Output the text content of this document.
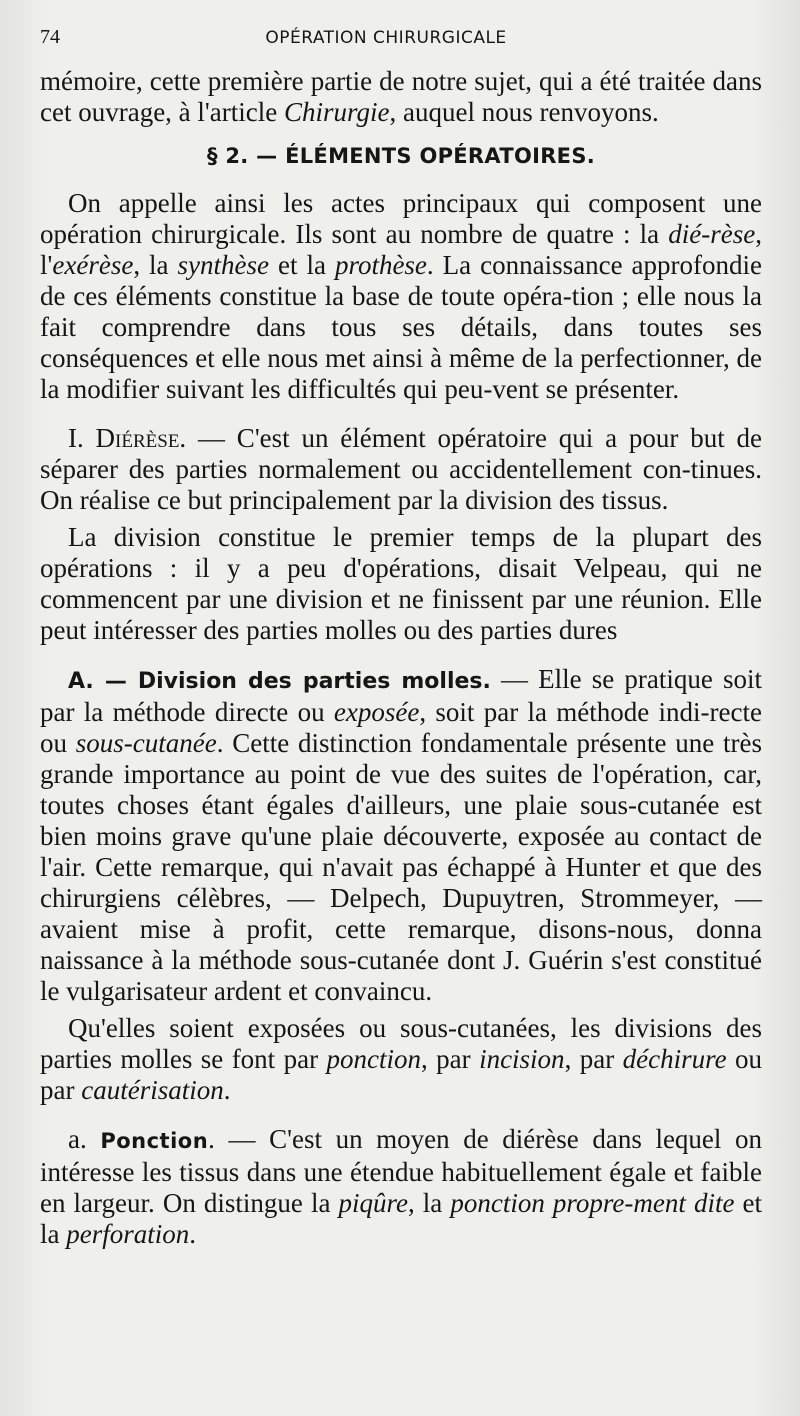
74	OPÉRATION CHIRURGICALE

mémoire, cette première partie de notre sujet, qui a été traitée dans cet ouvrage, à l'article Chirurgie, auquel nous renvoyons.

§ 2. — ÉLÉMENTS OPÉRATOIRES.

On appelle ainsi les actes principaux qui composent une opération chirurgicale. Ils sont au nombre de quatre : la dié-rèse, l'exérèse, la synthèse et la prothèse. La connaissance approfondie de ces éléments constitue la base de toute opéra-tion ; elle nous la fait comprendre dans tous ses détails, dans toutes ses conséquences et elle nous met ainsi à même de la perfectionner, de la modifier suivant les difficultés qui peu-vent se présenter.

I. Diérèse. — C'est un élément opératoire qui a pour but de séparer des parties normalement ou accidentellement con-tinues. On réalise ce but principalement par la division des tissus.

La division constitue le premier temps de la plupart des opérations : il y a peu d'opérations, disait Velpeau, qui ne commencent par une division et ne finissent par une réunion. Elle peut intéresser des parties molles ou des parties dures

A. — Division des parties molles. — Elle se pratique soit par la méthode directe ou exposée, soit par la méthode indi-recte ou sous-cutanée. Cette distinction fondamentale présente une très grande importance au point de vue des suites de l'opération, car, toutes choses étant égales d'ailleurs, une plaie sous-cutanée est bien moins grave qu'une plaie découverte, exposée au contact de l'air. Cette remarque, qui n'avait pas échappé à Hunter et que des chirurgiens célèbres, — Delpech, Dupuytren, Strommeyer, — avaient mise à profit, cette remarque, disons-nous, donna naissance à la méthode sous-cutanée dont J. Guérin s'est constitué le vulgarisateur ardent et convaincu.

Qu'elles soient exposées ou sous-cutanées, les divisions des parties molles se font par ponction, par incision, par déchirure ou par cautérisation.

a. Ponction. — C'est un moyen de diérèse dans lequel on intéresse les tissus dans une étendue habituellement égale et faible en largeur. On distingue la piqûre, la ponction propre-ment dite et la perforation.
